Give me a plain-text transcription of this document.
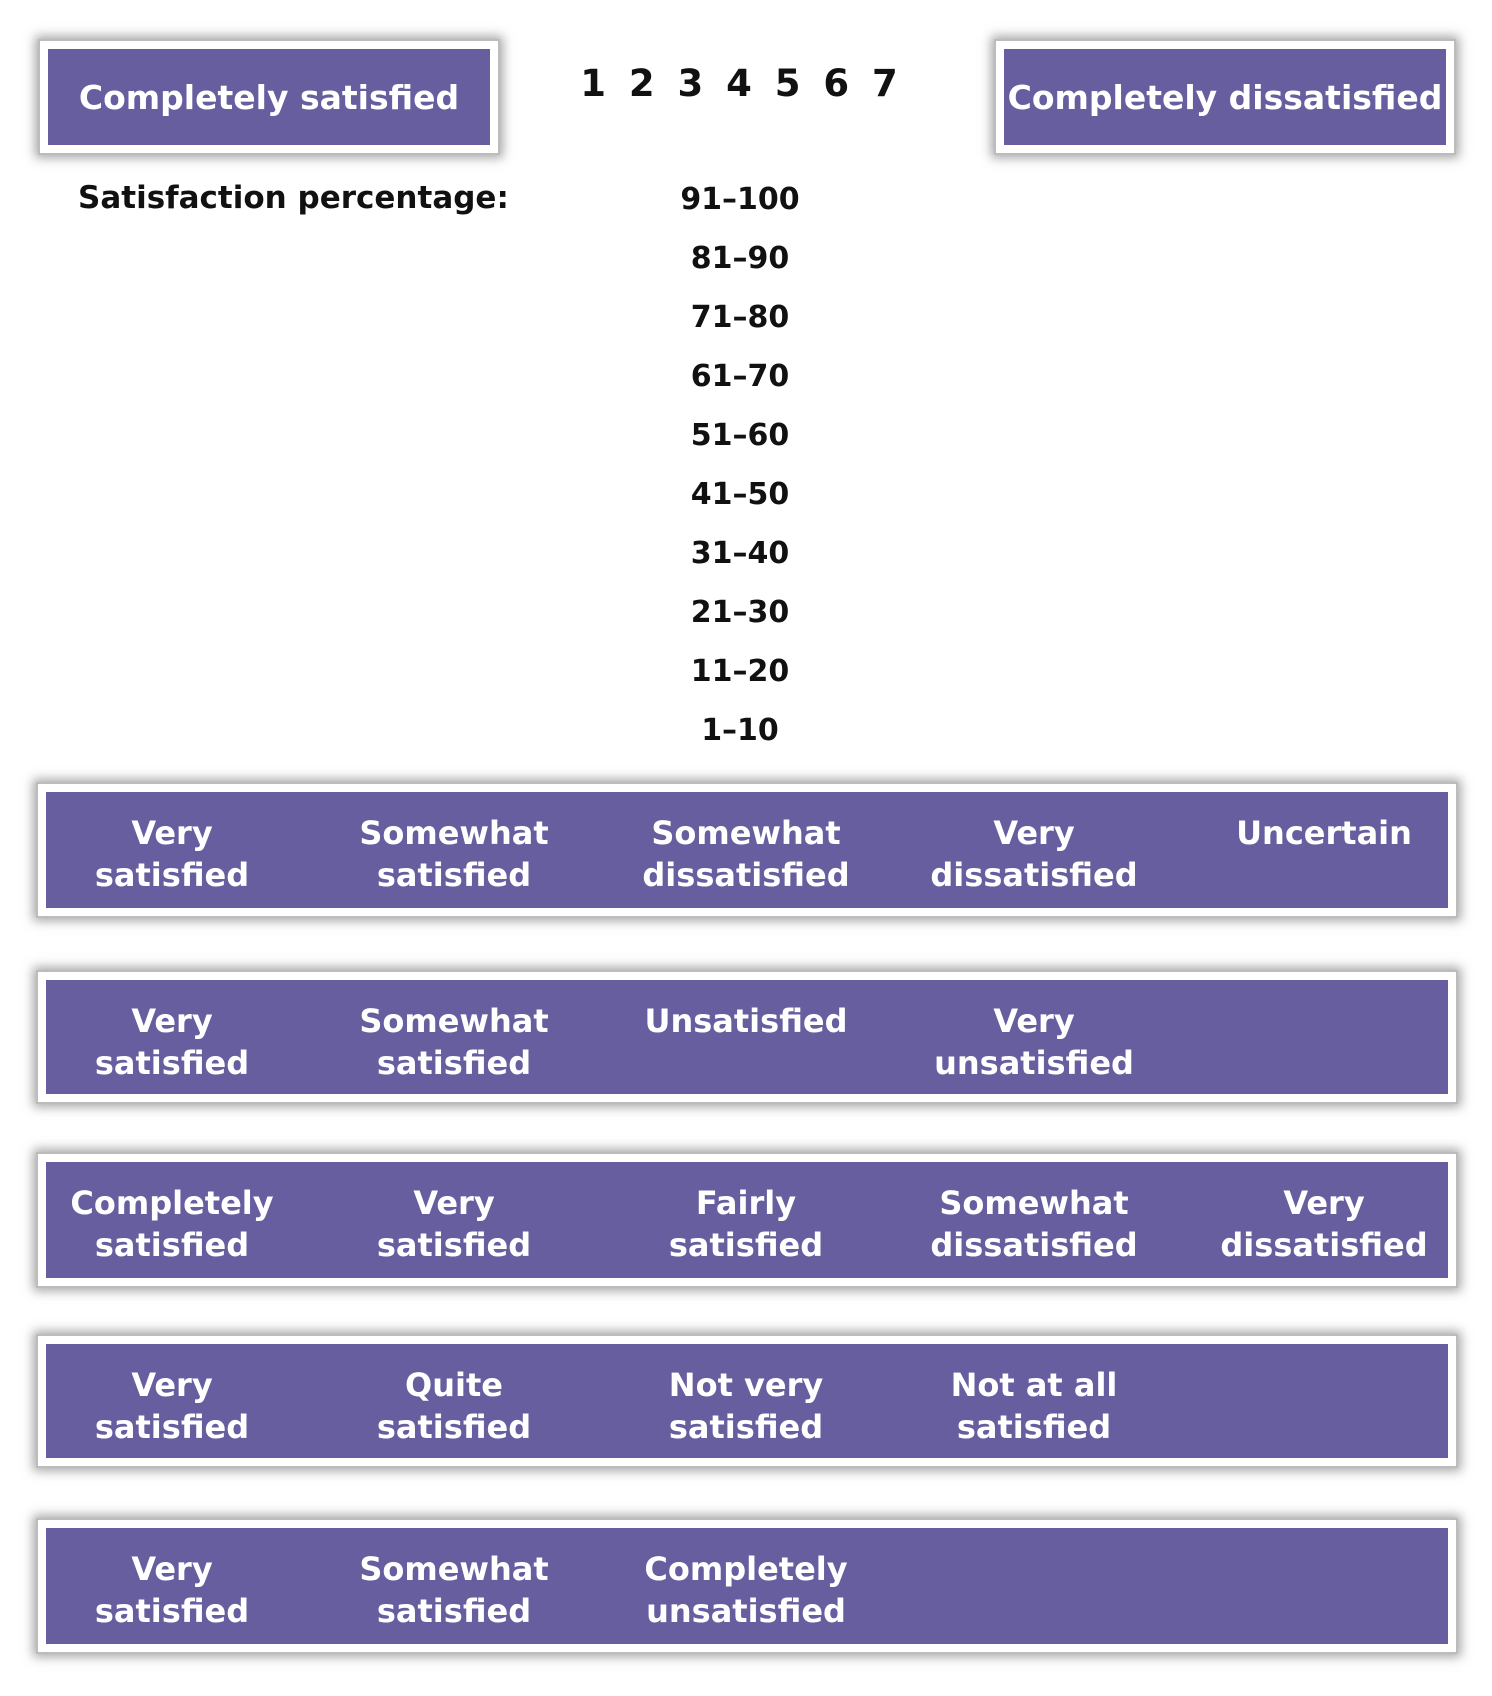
Completely satisfied	1 2 3 4 5 6 7	Completely dissatisfied
Satisfaction percentage:	91–100
81–90
71–80
61–70
51–60
41–50
31–40
21–30
11–20
1–10
Very
satisfied
Somewhat
satisfied
Somewhat
dissatisfied
Very
dissatisfied
Uncertain
Very
satisfied
Somewhat
satisfied
Unsatisfied	Very
unsatisfied
Completely
satisfied
Very
satisfied
Fairly
satisfied
Somewhat
dissatisfied
Very
dissatisfied
Very
satisfied
Quite
satisfied
Not very
satisfied
Not at all
satisfied
Very
satisfied
Somewhat
satisfied
Completely
unsatisfied
